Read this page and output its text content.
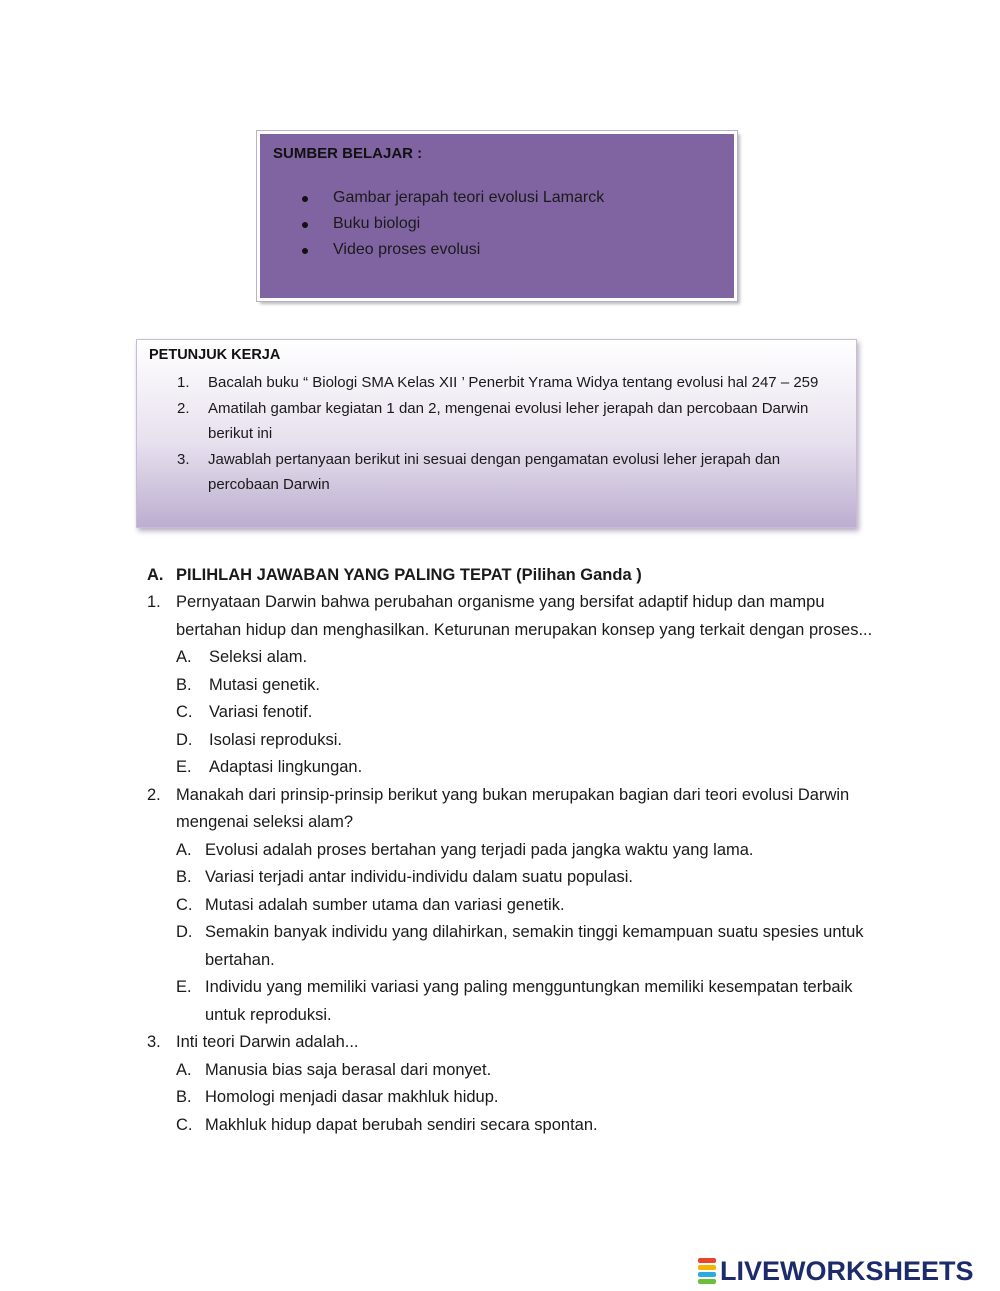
SUMBER BELAJAR :
Gambar jerapah teori evolusi Lamarck
Buku biologi
Video proses evolusi
PETUNJUK KERJA
1. Bacalah buku “ Biologi SMA Kelas XII ’ Penerbit Yrama Widya tentang evolusi hal 247 – 259
2. Amatilah gambar kegiatan 1 dan 2, mengenai evolusi leher jerapah dan percobaan Darwin berikut ini
3. Jawablah pertanyaan berikut ini sesuai dengan pengamatan evolusi leher jerapah dan percobaan Darwin
A. PILIHLAH JAWABAN YANG PALING TEPAT (Pilihan Ganda )
1. Pernyataan Darwin bahwa perubahan organisme yang bersifat adaptif hidup dan mampu bertahan hidup dan menghasilkan. Keturunan merupakan konsep yang terkait dengan proses...
A. Seleksi alam.
B. Mutasi genetik.
C. Variasi fenotif.
D. Isolasi reproduksi.
E. Adaptasi lingkungan.
2. Manakah dari prinsip-prinsip berikut yang bukan merupakan bagian dari teori evolusi Darwin mengenai seleksi alam?
A. Evolusi adalah proses bertahan yang terjadi pada jangka waktu yang lama.
B. Variasi terjadi antar individu-individu dalam suatu populasi.
C. Mutasi adalah sumber utama dan variasi genetik.
D. Semakin banyak individu yang dilahirkan, semakin tinggi kemampuan suatu spesies untuk bertahan.
E. Individu yang memiliki variasi yang paling mengguntungkan memiliki kesempatan terbaik untuk reproduksi.
3. Inti teori Darwin adalah...
A. Manusia bias saja berasal dari monyet.
B. Homologi menjadi dasar makhluk hidup.
C. Makhluk hidup dapat berubah sendiri secara spontan.
LIVEWORKSHEETS
